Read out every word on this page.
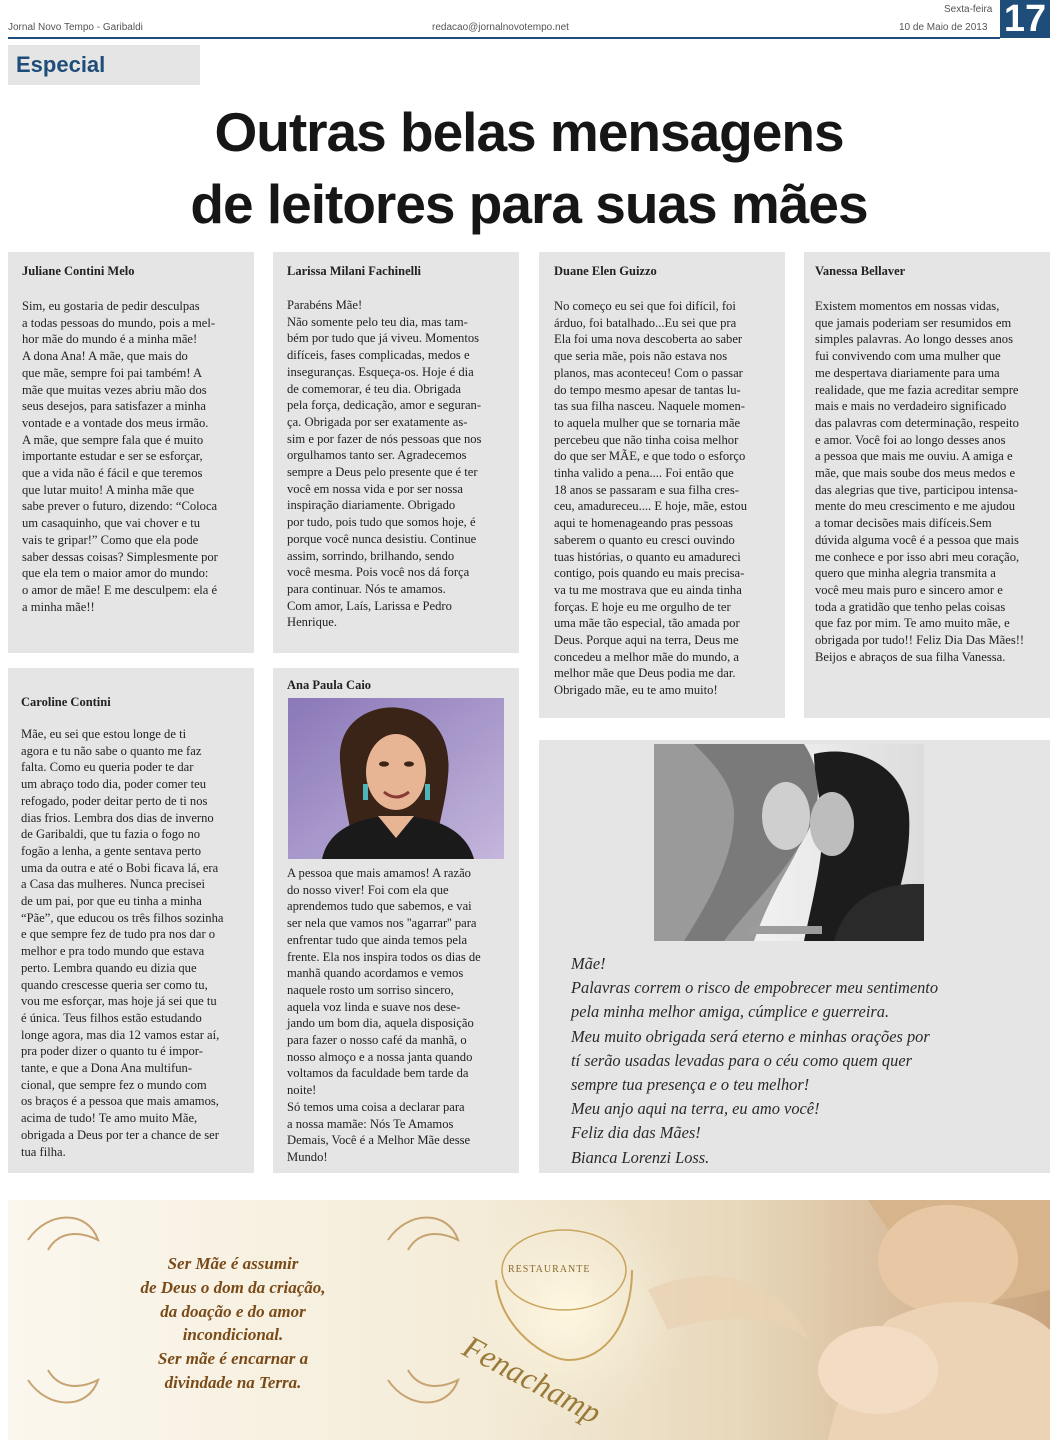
Jornal Novo Tempo - Garibaldi	redacao@jornalnovotempo.net
Sexta-feira
10 de Maio de 2013 17
Especial
Outras belas mensagens
de leitores para suas mães
Juliane Contini Melo
Sim, eu gostaria de pedir desculpas
a todas pessoas do mundo, pois a mel-
hor mãe do mundo é a minha mãe!
A dona Ana! A mãe, que mais do
que mãe, sempre foi pai também! A
mãe que muitas vezes abriu mão dos
seus desejos, para satisfazer a minha
vontade e a vontade dos meus irmão.
A mãe, que sempre fala que é muito
importante estudar e ser se esforçar,
que a vida não é fácil e que teremos
que lutar muito! A minha mãe que
sabe prever o futuro, dizendo: “Coloca
um casaquinho, que vai chover e tu
vais te gripar!” Como que ela pode
saber dessas coisas? Simplesmente por
que ela tem o maior amor do mundo:
o amor de mãe! E me desculpem: ela é
a minha mãe!!
Larissa Milani Fachinelli
Parabéns Mãe!
Não somente pelo teu dia, mas tam-
bém por tudo que já viveu. Momentos
difíceis, fases complicadas, medos e
inseguranças. Esqueça-os. Hoje é dia
de comemorar, é teu dia. Obrigada
pela força, dedicação, amor e seguran-
ça. Obrigada por ser exatamente as-
sim e por fazer de nós pessoas que nos
orgulhamos tanto ser. Agradecemos
sempre a Deus pelo presente que é ter
você em nossa vida e por ser nossa
inspiração diariamente. Obrigado
por tudo, pois tudo que somos hoje, é
porque você nunca desistiu. Continue
assim, sorrindo, brilhando, sendo
você mesma. Pois você nos dá força
para continuar. Nós te amamos.
Com amor, Laís, Larissa e Pedro
Henrique.
Duane Elen Guizzo
No começo eu sei que foi difícil, foi
árduo, foi batalhado...Eu sei que pra
Ela foi uma nova descoberta ao saber
que seria mãe, pois não estava nos
planos, mas aconteceu! Com o passar
do tempo mesmo apesar de tantas lu-
tas sua filha nasceu. Naquele momen-
to aquela mulher que se tornaria mãe
percebeu que não tinha coisa melhor
do que ser MÃE, e que todo o esforço
tinha valido a pena.... Foi então que
18 anos se passaram e sua filha cres-
ceu, amadureceu.... E hoje, mãe, estou
aqui te homenageando pras pessoas
saberem o quanto eu cresci ouvindo
tuas histórias, o quanto eu amadureci
contigo, pois quando eu mais precisa-
va tu me mostrava que eu ainda tinha
forças. E hoje eu me orgulho de ter
uma mãe tão especial, tão amada por
Deus. Porque aqui na terra, Deus me
concedeu a melhor mãe do mundo, a
melhor mãe que Deus podia me dar.
Obrigado mãe, eu te amo muito!
Vanessa Bellaver
Existem momentos em nossas vidas,
que jamais poderiam ser resumidos em
simples palavras. Ao longo desses anos
fui convivendo com uma mulher que
me despertava diariamente para uma
realidade, que me fazia acreditar sempre
mais e mais no verdadeiro significado
das palavras com determinação, respeito
e amor. Você foi ao longo desses anos
a pessoa que mais me ouviu. A amiga e
mãe, que mais soube dos meus medos e
das alegrias que tive, participou intensa-
mente do meu crescimento e me ajudou
a tomar decisões mais difíceis.Sem
dúvida alguma você é a pessoa que mais
me conhece e por isso abri meu coração,
quero que minha alegria transmita a
você meu mais puro e sincero amor e
toda a gratidão que tenho pelas coisas
que faz por mim. Te amo muito mãe, e
obrigada por tudo!! Feliz Dia Das Mães!!
Beijos e abraços de sua filha Vanessa.
Caroline Contini
Mãe, eu sei que estou longe de ti
agora e tu não sabe o quanto me faz
falta. Como eu queria poder te dar
um abraço todo dia, poder comer teu
refogado, poder deitar perto de ti nos
dias frios. Lembra dos dias de inverno
de Garibaldi, que tu fazia o fogo no
fogão a lenha, a gente sentava perto
uma da outra e até o Bobi ficava lá, era
a Casa das mulheres. Nunca precisei
de um pai, por que eu tinha a minha
“Pãe”, que educou os três filhos sozinha
e que sempre fez de tudo pra nos dar o
melhor e pra todo mundo que estava
perto. Lembra quando eu dizia que
quando crescesse queria ser como tu,
vou me esforçar, mas hoje já sei que tu
é única. Teus filhos estão estudando
longe agora, mas dia 12 vamos estar aí,
pra poder dizer o quanto tu é impor-
tante, e que a Dona Ana multifun-
cional, que sempre fez o mundo com
os braços é a pessoa que mais amamos,
acima de tudo! Te amo muito Mãe,
obrigada a Deus por ter a chance de ser
tua filha.
Ana Paula Caio
A pessoa que mais amamos! A razão
do nosso viver! Foi com ela que
aprendemos tudo que sabemos, e vai
ser nela que vamos nos ''agarrar'' para
enfrentar tudo que ainda temos pela
frente. Ela nos inspira todos os dias de
manhã quando acordamos e vemos
naquele rosto um sorriso sincero,
aquela voz linda e suave nos dese-
jando um bom dia, aquela disposição
para fazer o nosso café da manhã, o
nosso almoço e a nossa janta quando
voltamos da faculdade bem tarde da
noite!
Só temos uma coisa a declarar para
a nossa mamãe: Nós Te Amamos
Demais, Você é a Melhor Mãe desse
Mundo!
Mãe!
Palavras correm o risco de empobrecer meu sentimento
pela minha melhor amiga, cúmplice e guerreira.
Meu muito obrigada será eterno e minhas orações por
tí serão usadas levadas para o céu como quem quer
sempre tua presença e o teu melhor!
Meu anjo aqui na terra, eu amo você!
Feliz dia das Mães!
Bianca Lorenzi Loss.
Ser Mãe é assumir
de Deus o dom da criação,
da doação e do amor
incondicional.
Ser mãe é encarnar a
divindade na Terra.
RESTAURANTE
Fenachamp
